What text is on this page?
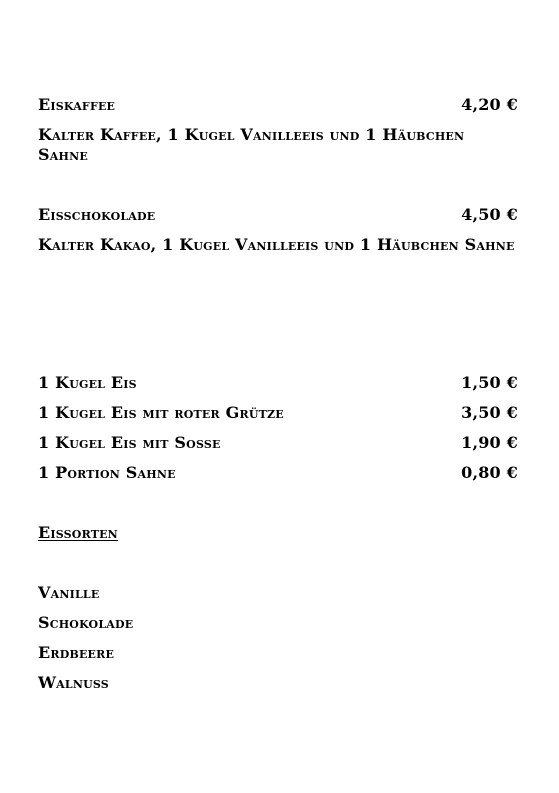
Eiskaffee	4,20 €
Kalter Kaffee, 1 Kugel Vanilleeis und 1 Häubchen Sahne
Eisschokolade	4,50 €
Kalter Kakao, 1 Kugel Vanilleeis und 1 Häubchen Sahne
1 Kugel Eis	1,50 €
1 Kugel Eis mit roter Grütze	3,50 €
1 Kugel Eis mit Sosse	1,90 €
1 Portion Sahne	0,80 €
Eissorten
Vanille
Schokolade
Erdbeere
Walnuss
